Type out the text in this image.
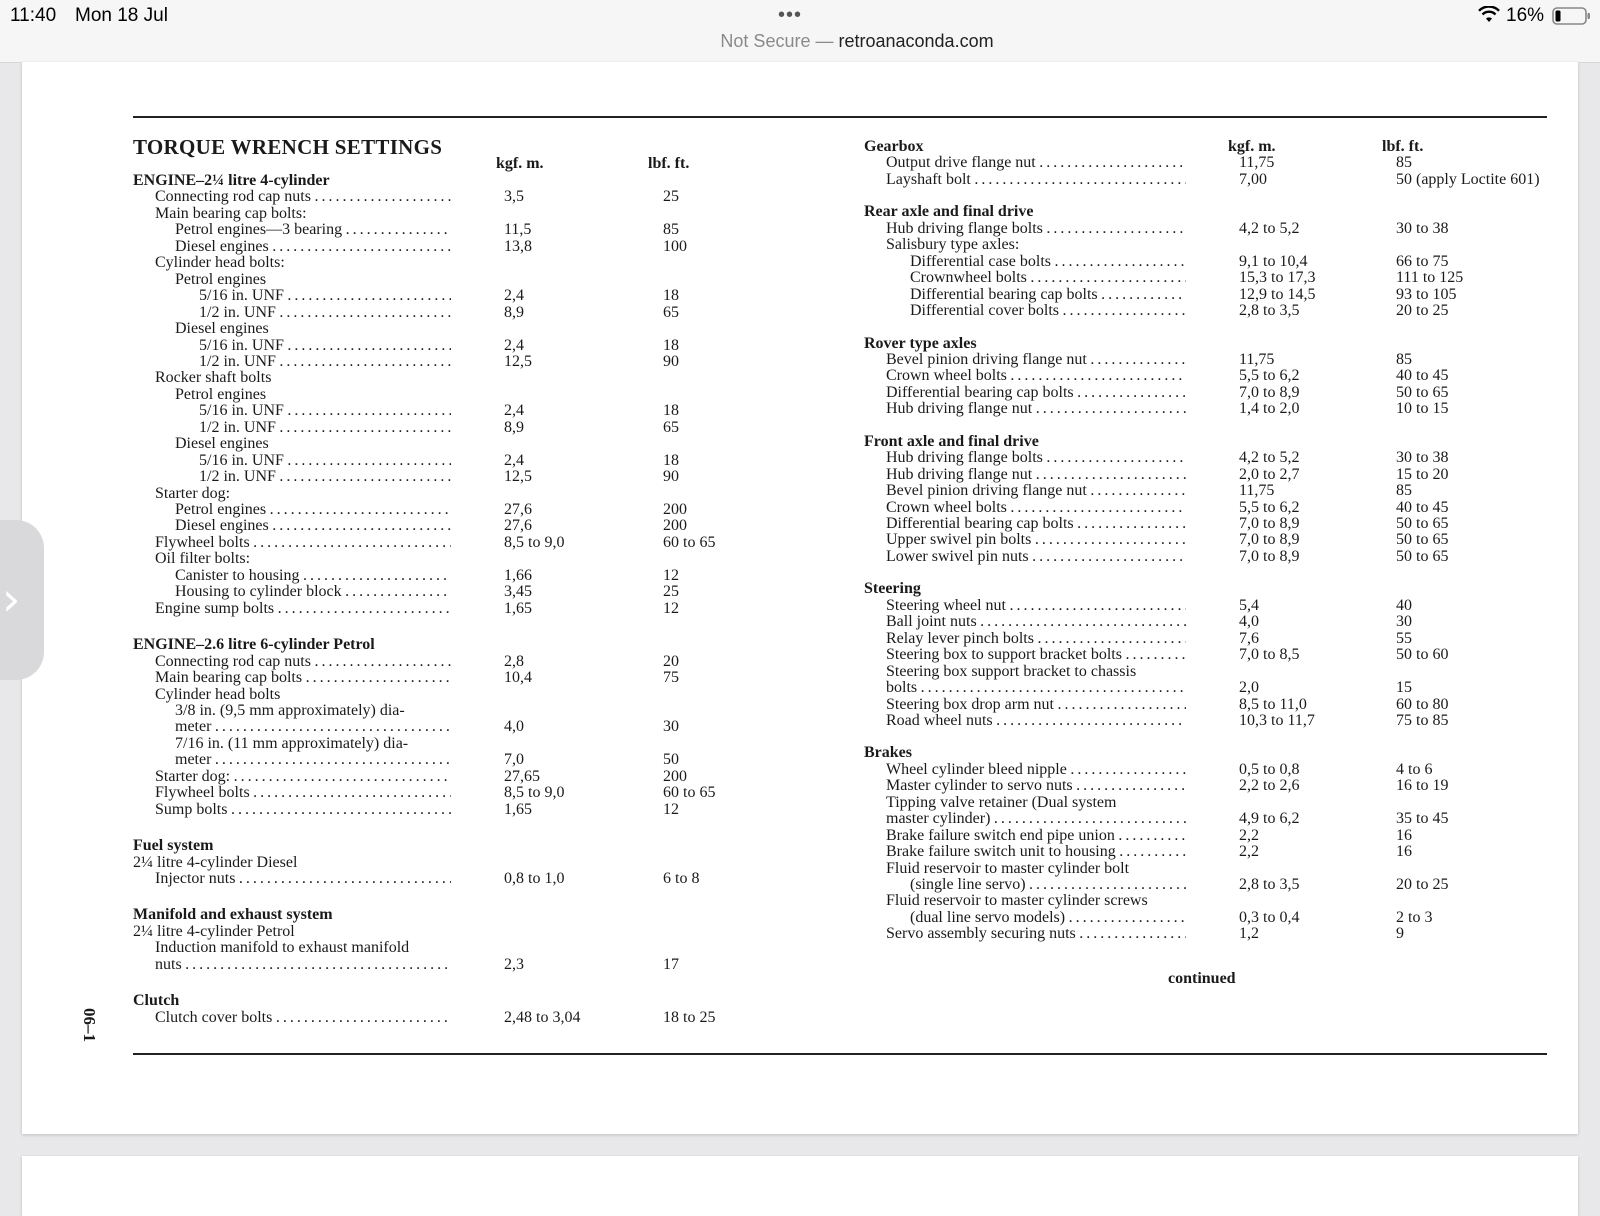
11:40 Mon 18 Jul	•••
Not Secure — retroanaconda.com
16%
›
TORQUE WRENCH SETTINGS
kgf. m.	lbf. ft.
kgf. m.	lbf. ft.
ENGINE–2¼ litre 4-cylinder
Connecting rod cap nuts . . .	3,5	25
Main bearing cap bolts:
Petrol engines—3 bearing . . .	11,5	85
Diesel engines . . .	13,8	100
Cylinder head bolts:
Petrol engines
5/16 in. UNF . . .	2,4	18
1/2 in. UNF . . .	8,9	65
Diesel engines
5/16 in. UNF . . .	2,4	18
1/2 in. UNF . . .	12,5	90
Rocker shaft bolts
Petrol engines
5/16 in. UNF . . .	2,4	18
1/2 in. UNF . . .	8,9	65
Diesel engines
5/16 in. UNF . . .	2,4	18
1/2 in. UNF . . .	12,5	90
Starter dog:
Petrol engines . . .	27,6	200
Diesel engines . . .	27,6	200
Flywheel bolts . . .	8,5 to 9,0	60 to 65
Oil filter bolts:
Canister to housing . . .	1,66	12
Housing to cylinder block . . .	3,45	25
Engine sump bolts . . .	1,65	12
ENGINE–2.6 litre 6-cylinder Petrol
Connecting rod cap nuts . . .	2,8	20
Main bearing cap bolts . . .	10,4	75
Cylinder head bolts
3/8 in. (9,5 mm approximately) dia-
meter . . .	4,0	30
7/16 in. (11 mm approximately) dia-
meter . . .	7,0	50
Starter dog: . . .	27,65	200
Flywheel bolts . . .	8,5 to 9,0	60 to 65
Sump bolts . . .	1,65	12
Fuel system
2¼ litre 4-cylinder Diesel
Injector nuts . . .	0,8 to 1,0	6 to 8
Manifold and exhaust system
2¼ litre 4-cylinder Petrol
Induction manifold to exhaust manifold
nuts . . .	2,3	17
Clutch
Clutch cover bolts . . .	2,48 to 3,04	18 to 25
Gearbox
Output drive flange nut . . .	11,75	85
Layshaft bolt . . .	7,00	50 (apply Loctite 601)
Rear axle and final drive
Hub driving flange bolts . . .	4,2 to 5,2	30 to 38
Salisbury type axles:
Differential case bolts . . .	9,1 to 10,4	66 to 75
Crownwheel bolts . . .	15,3 to 17,3	111 to 125
Differential bearing cap bolts . . .	12,9 to 14,5	93 to 105
Differential cover bolts . . .	2,8 to 3,5	20 to 25
Rover type axles
Bevel pinion driving flange nut . . .	11,75	85
Crown wheel bolts . . .	5,5 to 6,2	40 to 45
Differential bearing cap bolts . . .	7,0 to 8,9	50 to 65
Hub driving flange nut . . .	1,4 to 2,0	10 to 15
Front axle and final drive
Hub driving flange bolts . . .	4,2 to 5,2	30 to 38
Hub driving flange nut . . .	2,0 to 2,7	15 to 20
Bevel pinion driving flange nut . . .	11,75	85
Crown wheel bolts . . .	5,5 to 6,2	40 to 45
Differential bearing cap bolts . . .	7,0 to 8,9	50 to 65
Upper swivel pin bolts . . .	7,0 to 8,9	50 to 65
Lower swivel pin nuts . . .	7,0 to 8,9	50 to 65
Steering
Steering wheel nut . . .	5,4	40
Ball joint nuts . . .	4,0	30
Relay lever pinch bolts . . .	7,6	55
Steering box to support bracket bolts . . .	7,0 to 8,5	50 to 60
Steering box support bracket to chassis
bolts . . .	2,0	15
Steering box drop arm nut . . .	8,5 to 11,0	60 to 80
Road wheel nuts . . .	10,3 to 11,7	75 to 85
Brakes
Wheel cylinder bleed nipple . . .	0,5 to 0,8	4 to 6
Master cylinder to servo nuts . . .	2,2 to 2,6	16 to 19
Tipping valve retainer (Dual system
master cylinder) . . .	4,9 to 6,2	35 to 45
Brake failure switch end pipe union . . .	2,2	16
Brake failure switch unit to housing . . .	2,2	16
Fluid reservoir to master cylinder bolt
(single line servo) . . .	2,8 to 3,5	20 to 25
Fluid reservoir to master cylinder screws
(dual line servo models) . . .	0,3 to 0,4	2 to 3
Servo assembly securing nuts . . .	1,2	9
continued
06–1
